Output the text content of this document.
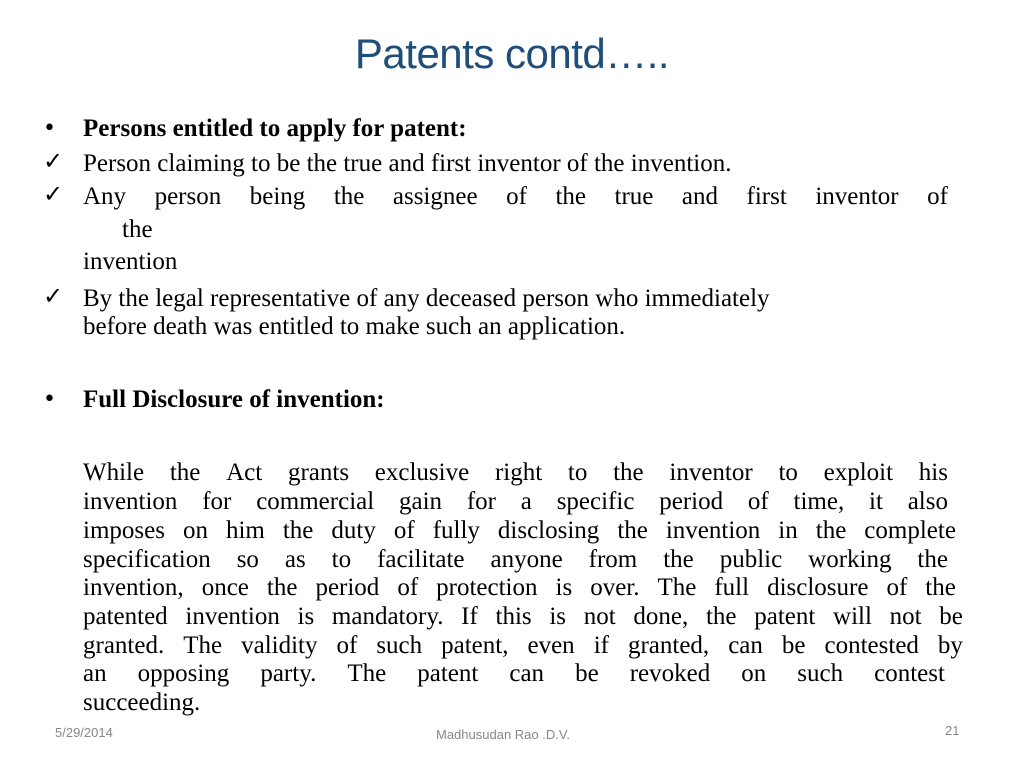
Patents contd…..
•	Persons entitled to apply for patent:
✓ Person claiming to be the true and first inventor of the invention.
✓ Any person being the assignee of the true and first inventor of
the
invention
✓ By the legal representative of any deceased person who immediately
before death was entitled to make such an application.
•	Full Disclosure of invention:
While the Act grants exclusive right to the inventor to exploit his
invention for commercial gain for a specific period of time, it also
imposes on him the duty of fully disclosing the invention in the complete
specification so as to facilitate anyone from the public working the
invention, once the period of protection is over. The full disclosure of the
patented invention is mandatory. If this is not done, the patent will not be
granted. The validity of such patent, even if granted, can be contested by
an opposing party. The patent can be revoked on such contest
succeeding.
5/29/2014	Madhusudan Rao .D.V.	21
